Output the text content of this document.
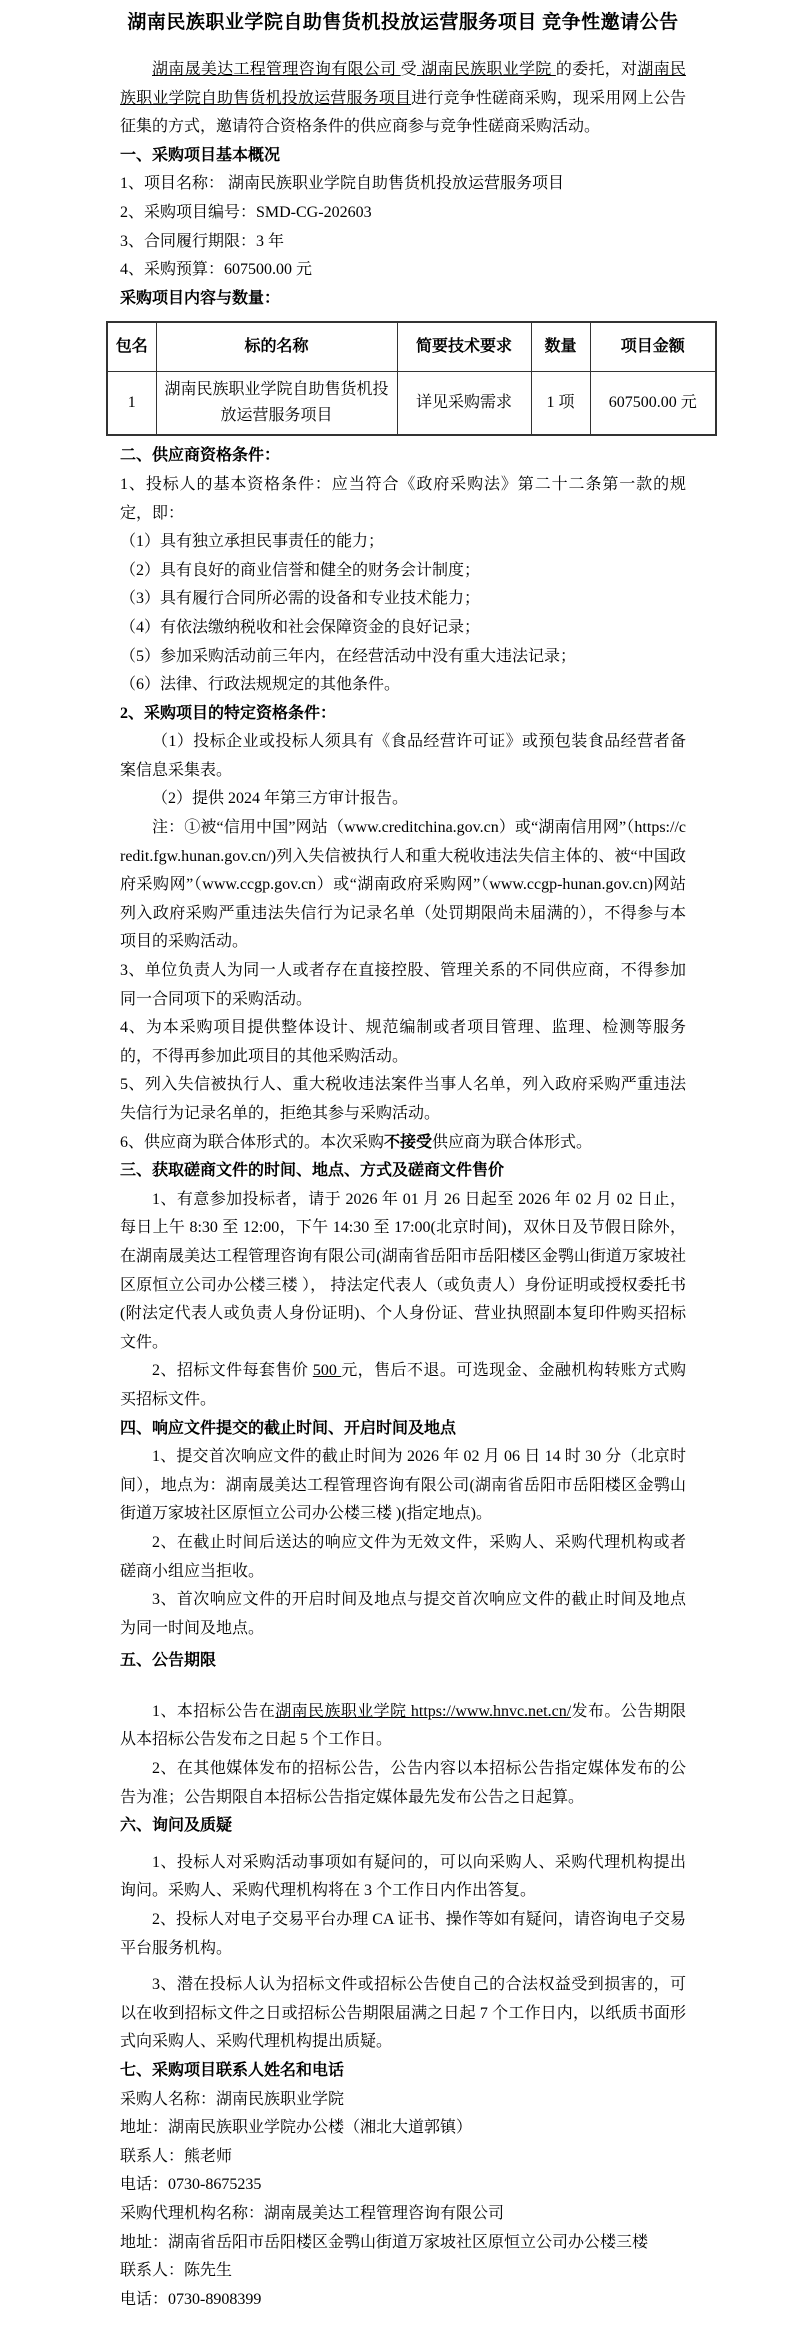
湖南民族职业学院自助售货机投放运营服务项目 竞争性邀请公告

湖南晟美达工程管理咨询有限公司 受 湖南民族职业学院 的委托，对湖南民族职业学院自助售货机投放运营服务项目进行竞争性磋商采购，现采用网上公告征集的方式，邀请符合资格条件的供应商参与竞争性磋商采购活动。

一、采购项目基本概况

1、项目名称： 湖南民族职业学院自助售货机投放运营服务项目

2、采购项目编号：SMD-CG-202603

3、合同履行期限：3 年

4、采购预算：607500.00 元

采购项目内容与数量：

包名	标的名称	简要技术要求	数量	项目金额
1	湖南民族职业学院自助售货机投放运营服务项目	详见采购需求	1 项	607500.00 元

二、供应商资格条件：

1、投标人的基本资格条件：应当符合《政府采购法》第二十二条第一款的规定，即：

（1）具有独立承担民事责任的能力；

（2）具有良好的商业信誉和健全的财务会计制度；

（3）具有履行合同所必需的设备和专业技术能力；

（4）有依法缴纳税收和社会保障资金的良好记录；

（5）参加采购活动前三年内，在经营活动中没有重大违法记录；

（6）法律、行政法规规定的其他条件。

2、采购项目的特定资格条件：

（1）投标企业或投标人须具有《食品经营许可证》或预包装食品经营者备案信息采集表。

（2）提供 2024 年第三方审计报告。

注：①被“信用中国”网站（www.creditchina.gov.cn）或“湖南信用网”（https://credit.fgw.hunan.gov.cn/)列入失信被执行人和重大税收违法失信主体的、被“中国政府采购网”（www.ccgp.gov.cn）或“湖南政府采购网”（www.ccgp-hunan.gov.cn)网站列入政府采购严重违法失信行为记录名单（处罚期限尚未届满的），不得参与本项目的采购活动。

3、单位负责人为同一人或者存在直接控股、管理关系的不同供应商，不得参加同一合同项下的采购活动。

4、为本采购项目提供整体设计、规范编制或者项目管理、监理、检测等服务的，不得再参加此项目的其他采购活动。

5、列入失信被执行人、重大税收违法案件当事人名单，列入政府采购严重违法失信行为记录名单的，拒绝其参与采购活动。

6、供应商为联合体形式的。本次采购不接受供应商为联合体形式。

三、获取磋商文件的时间、地点、方式及磋商文件售价

1、有意参加投标者，请于 2026 年 01 月 26 日起至 2026 年 02 月 02 日止，每日上午 8:30 至 12:00，下午 14:30 至 17:00(北京时间)，双休日及节假日除外，在湖南晟美达工程管理咨询有限公司(湖南省岳阳市岳阳楼区金鹗山街道万家坡社区原恒立公司办公楼三楼 ）， 持法定代表人（或负责人）身份证明或授权委托书(附法定代表人或负责人身份证明)、个人身份证、营业执照副本复印件购买招标文件。

2、招标文件每套售价 500 元，售后不退。可选现金、金融机构转账方式购买招标文件。

四、响应文件提交的截止时间、开启时间及地点

1、提交首次响应文件的截止时间为 2026 年 02 月 06 日 14 时 30 分（北京时间），地点为：湖南晟美达工程管理咨询有限公司(湖南省岳阳市岳阳楼区金鹗山街道万家坡社区原恒立公司办公楼三楼 )(指定地点)。

2、在截止时间后送达的响应文件为无效文件，采购人、采购代理机构或者磋商小组应当拒收。

3、首次响应文件的开启时间及地点与提交首次响应文件的截止时间及地点为同一时间及地点。

五、公告期限

1、本招标公告在湖南民族职业学院 https://www.hnvc.net.cn/发布。公告期限从本招标公告发布之日起 5 个工作日。

2、在其他媒体发布的招标公告，公告内容以本招标公告指定媒体发布的公告为准；公告期限自本招标公告指定媒体最先发布公告之日起算。

六、询问及质疑

1、投标人对采购活动事项如有疑问的，可以向采购人、采购代理机构提出询问。采购人、采购代理机构将在 3 个工作日内作出答复。

2、投标人对电子交易平台办理 CA 证书、操作等如有疑问，请咨询电子交易平台服务机构。

3、潜在投标人认为招标文件或招标公告使自己的合法权益受到损害的，可以在收到招标文件之日或招标公告期限届满之日起 7 个工作日内，以纸质书面形式向采购人、采购代理机构提出质疑。

七、采购项目联系人姓名和电话

采购人名称：湖南民族职业学院

地址：湖南民族职业学院办公楼（湘北大道郭镇）

联系人：熊老师

电话：0730-8675235

采购代理机构名称：湖南晟美达工程管理咨询有限公司

地址：湖南省岳阳市岳阳楼区金鹗山街道万家坡社区原恒立公司办公楼三楼

联系人：陈先生

电话：0730-8908399
